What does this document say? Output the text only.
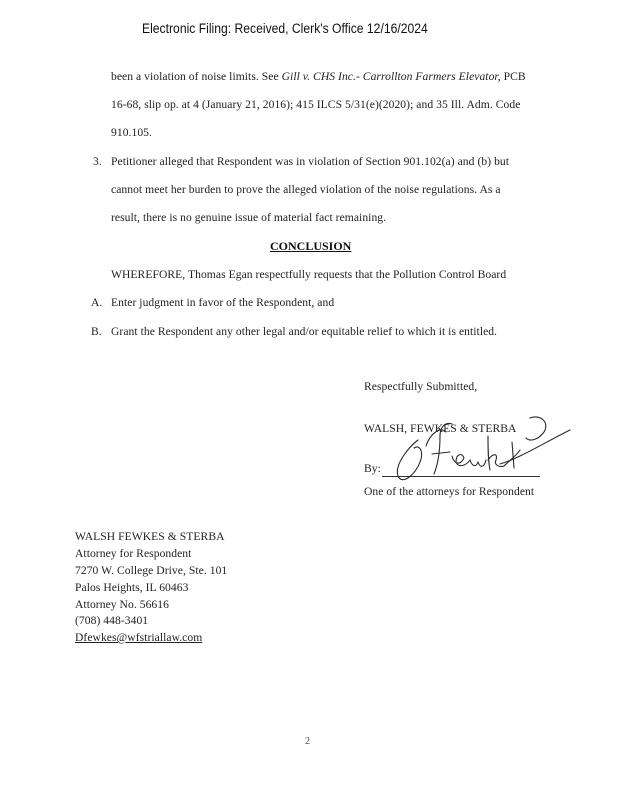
Electronic Filing: Received, Clerk's Office 12/16/2024
been a violation of noise limits. See Gill v. CHS Inc.- Carrollton Farmers Elevator, PCB
16-68, slip op. at 4 (January 21, 2016); 415 ILCS 5/31(e)(2020); and 35 Ill. Adm. Code
910.105.
3. Petitioner alleged that Respondent was in violation of Section 901.102(a) and (b) but
cannot meet her burden to prove the alleged violation of the noise regulations. As a
result, there is no genuine issue of material fact remaining.
CONCLUSION
WHEREFORE, Thomas Egan respectfully requests that the Pollution Control Board
A. Enter judgment in favor of the Respondent, and
B. Grant the Respondent any other legal and/or equitable relief to which it is entitled.
Respectfully Submitted,
WALSH, FEWKES & STERBA
By:
One of the attorneys for Respondent
WALSH FEWKES & STERBA
Attorney for Respondent
7270 W. College Drive, Ste. 101
Palos Heights, IL 60463
Attorney No. 56616
(708) 448-3401
Dfewkes@wfstriallaw.com
2
